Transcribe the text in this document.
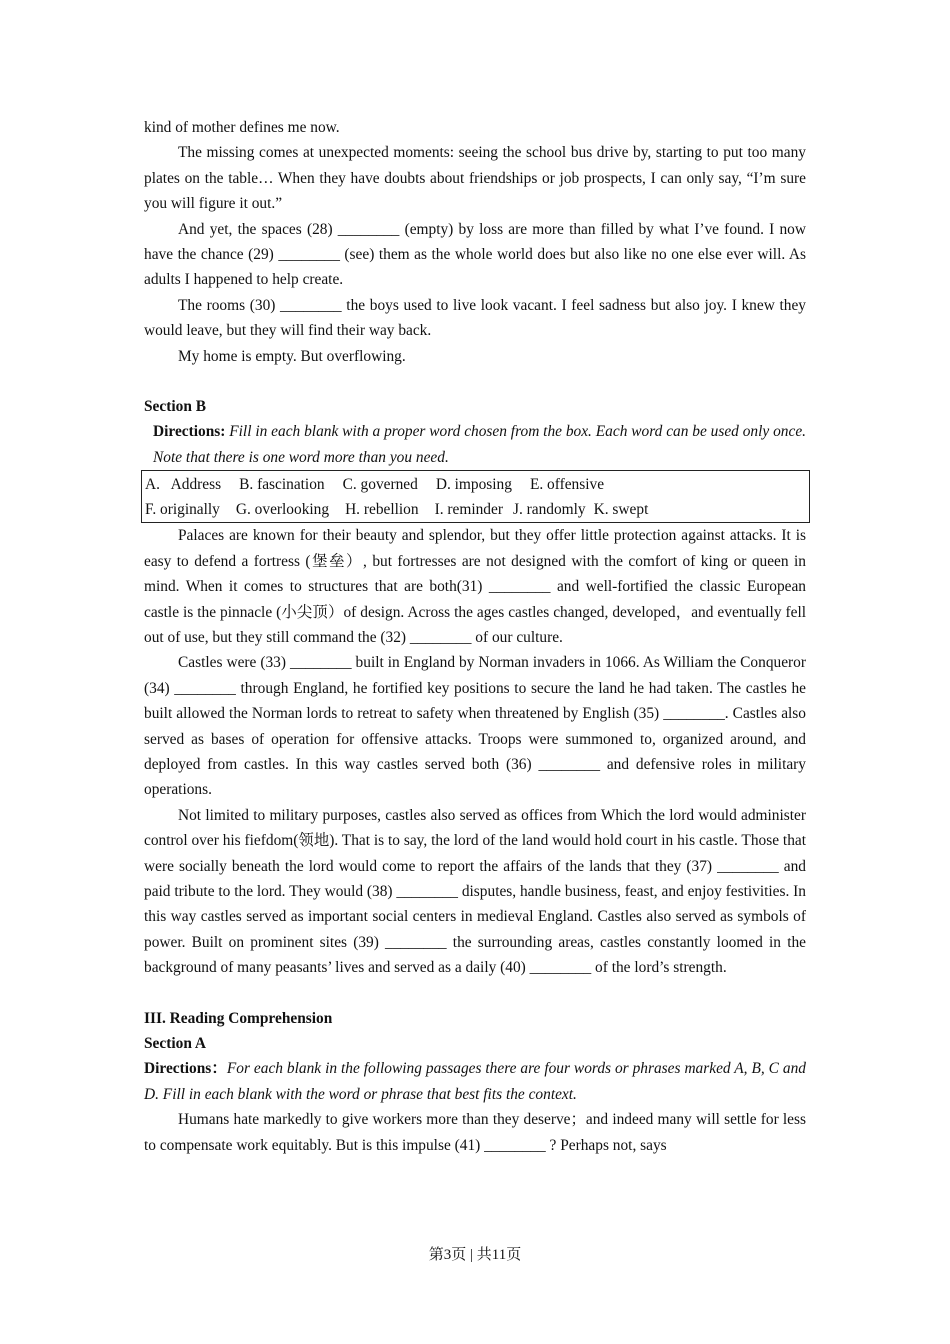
kind of mother defines me now.

The missing comes at unexpected moments: seeing the school bus drive by, starting to put too many plates on the table… When they have doubts about friendships or job prospects, I can only say, “I’m sure you will figure it out.”

And yet, the spaces (28) ________ (empty) by loss are more than filled by what I’ve found. I now have the chance (29) ________ (see) them as the whole world does but also like no one else ever will. As adults I happened to help create.

The rooms (30) ________ the boys used to live look vacant. I feel sadness but also joy. I knew they would leave, but they will find their way back.

My home is empty. But overflowing.

Section B

Directions: Fill in each blank with a proper word chosen from the box. Each word can be used only once. Note that there is one word more than you need.

A.   Address B. fascination C. governed D. imposing E. offensive
F. originally G. overlooking H. rebellion I. reminder J. randomly K. swept

Palaces are known for their beauty and splendor, but they offer little protection against attacks. It is easy to defend a fortress (堡垒）, but fortresses are not designed with the comfort of king or queen in mind. When it comes to structures that are both(31) ________ and well-fortified the classic European castle is the pinnacle (小尖顶）of design. Across the ages castles changed, developed，and eventually fell out of use, but they still command the (32) ________ of our culture.

Castles were (33) ________ built in England by Norman invaders in 1066. As William the Conqueror (34) ________ through England, he fortified key positions to secure the land he had taken. The castles he built allowed the Norman lords to retreat to safety when threatened by English (35) ________. Castles also served as bases of operation for offensive attacks. Troops were summoned to, organized around, and deployed from castles. In this way castles served both (36) ________ and defensive roles in military operations.

Not limited to military purposes, castles also served as offices from Which the lord would administer control over his fiefdom(领地). That is to say, the lord of the land would hold court in his castle. Those that were socially beneath the lord would come to report the affairs of the lands that they (37) ________ and paid tribute to the lord. They would (38) ________ disputes, handle business, feast, and enjoy festivities. In this way castles served as important social centers in medieval England. Castles also served as symbols of power. Built on prominent sites (39) ________ the surrounding areas, castles constantly loomed in the background of many peasants’ lives and served as a daily (40) ________ of the lord’s strength.

III. Reading Comprehension

Section A

Directions：For each blank in the following passages there are four words or phrases marked A, B, C and D. Fill in each blank with the word or phrase that best fits the context.

Humans hate markedly to give workers more than they deserve；and indeed many will settle for less to compensate work equitably. But is this impulse (41) ________ ? Perhaps not, says

第3页 | 共11页
